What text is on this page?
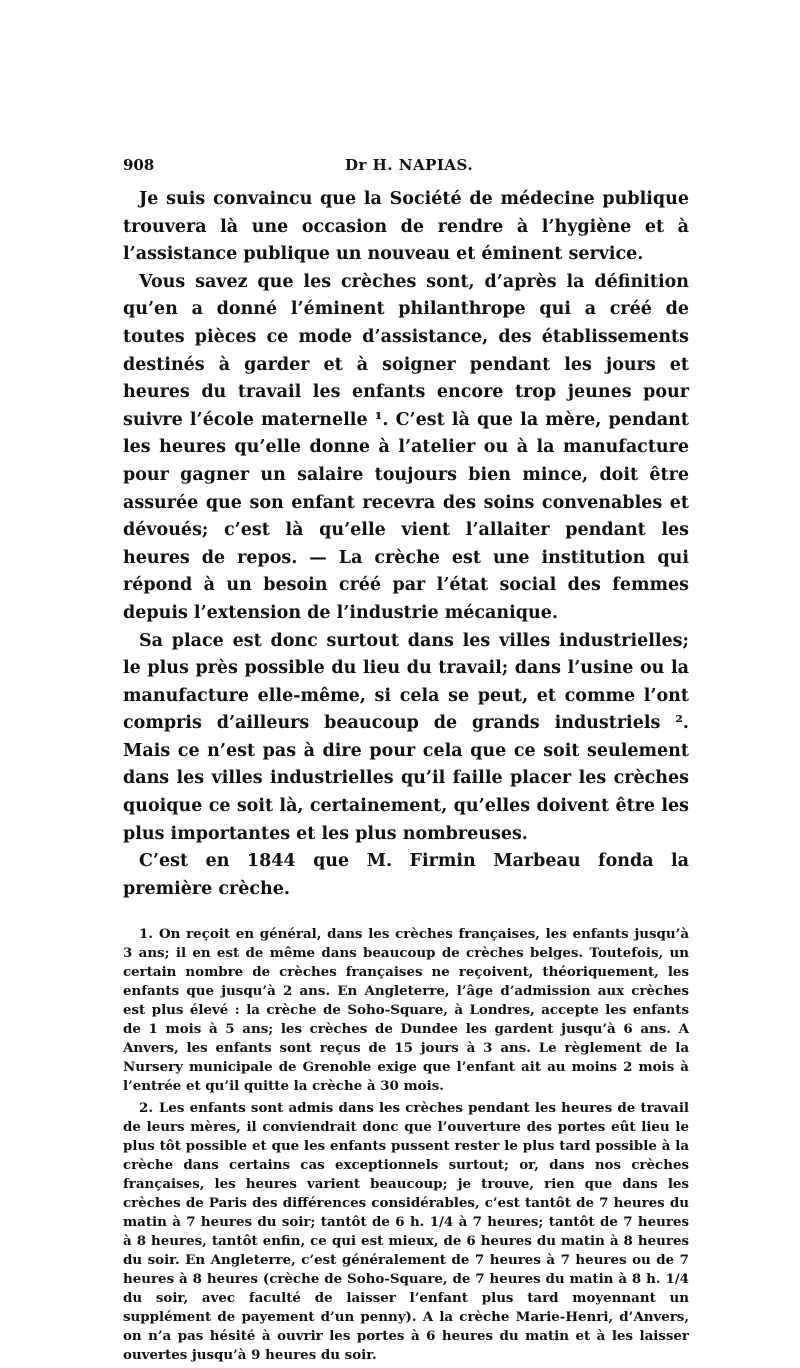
908	Dr H. NAPIAS.

Je suis convaincu que la Société de médecine publique trouvera là une occasion de rendre à l’hygiène et à l’assistance publique un nouveau et éminent service.

Vous savez que les crèches sont, d’après la définition qu’en a donné l’éminent philanthrope qui a créé de toutes pièces ce mode d’assistance, des établissements destinés à garder et à soigner pendant les jours et heures du travail les enfants encore trop jeunes pour suivre l’école maternelle ¹. C’est là que la mère, pendant les heures qu’elle donne à l’atelier ou à la manufacture pour gagner un salaire toujours bien mince, doit être assurée que son enfant recevra des soins convenables et dévoués; c’est là qu’elle vient l’allaiter pendant les heures de repos. — La crèche est une institution qui répond à un besoin créé par l’état social des femmes depuis l’extension de l’industrie mécanique.

Sa place est donc surtout dans les villes industrielles; le plus près possible du lieu du travail; dans l’usine ou la manufacture elle-même, si cela se peut, et comme l’ont compris d’ailleurs beaucoup de grands industriels ². Mais ce n’est pas à dire pour cela que ce soit seulement dans les villes industrielles qu’il faille placer les crèches quoique ce soit là, certainement, qu’elles doivent être les plus importantes et les plus nombreuses.

C’est en 1844 que M. Firmin Marbeau fonda la première crèche.

1. On reçoit en général, dans les crèches françaises, les enfants jusqu’à 3 ans; il en est de même dans beaucoup de crèches belges. Toutefois, un certain nombre de crèches françaises ne reçoivent, théoriquement, les enfants que jusqu’à 2 ans. En Angleterre, l’âge d’admission aux crèches est plus élevé : la crèche de Soho-Square, à Londres, accepte les enfants de 1 mois à 5 ans; les crèches de Dundee les gardent jusqu’à 6 ans. A Anvers, les enfants sont reçus de 15 jours à 3 ans. Le règlement de la Nursery municipale de Grenoble exige que l’enfant ait au moins 2 mois à l’entrée et qu’il quitte la crèche à 30 mois.

2. Les enfants sont admis dans les crèches pendant les heures de travail de leurs mères, il conviendrait donc que l’ouverture des portes eût lieu le plus tôt possible et que les enfants pussent rester le plus tard possible à la crèche dans certains cas exceptionnels surtout; or, dans nos crèches françaises, les heures varient beaucoup; je trouve, rien que dans les crèches de Paris des différences considérables, c’est tantôt de 7 heures du matin à 7 heures du soir; tantôt de 6 h. 1/4 à 7 heures; tantôt de 7 heures à 8 heures, tantôt enfin, ce qui est mieux, de 6 heures du matin à 8 heures du soir. En Angleterre, c’est généralement de 7 heures à 7 heures ou de 7 heures à 8 heures (crèche de Soho-Square, de 7 heures du matin à 8 h. 1/4 du soir, avec faculté de laisser l’enfant plus tard moyennant un supplément de payement d’un penny). A la crèche Marie-Henri, d’Anvers, on n’a pas hésité à ouvrir les portes à 6 heures du matin et à les laisser ouvertes jusqu’à 9 heures du soir.
